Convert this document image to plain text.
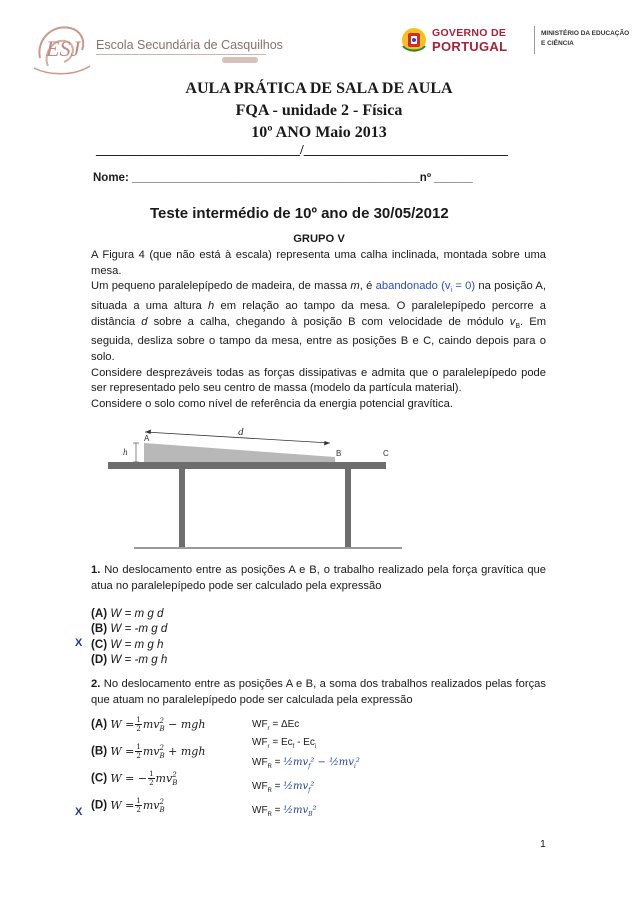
ESJ Escola Secundária de Casquilhos
GOVERNO DE
PORTUGAL
MINISTÉRIO DA EDUCAÇÃO
E CIÊNCIA
AULA PRÁTICA DE SALA DE AULA
FQA - unidade 2 - Física
10º ANO Maio 2013
______________________________/______________________________
Nome: _____________________________________________nº ______
Teste intermédio de 10º ano de 30/05/2012
GRUPO V
A Figura 4 (que não está à escala) representa uma calha inclinada, montada sobre uma mesa.
Um pequeno paralelepípedo de madeira, de massa m, é abandonado $(v_i = 0)$ na posição A, situada a uma altura h em relação ao tampo da mesa. O paralelepípedo percorre a distância d sobre a calha, chegando à posição B com velocidade de módulo $v_B$. Em seguida, desliza sobre o tampo da mesa, entre as posições B e C, caindo depois para o solo.
Considere desprezáveis todas as forças dissipativas e admita que o paralelepípedo pode ser representado pelo seu centro de massa (modelo da partícula material).
Considere o solo como nível de referência da energia potencial gravítica.
d
h
A
B	C
1. No deslocamento entre as posições A e B, o trabalho realizado pela força gravítica que atua no paralelepípedo pode ser calculado pela expressão
(A) W = m g d
(B) W = -m g d
(C) W = m g h
(D) W = -m g h
X
2. No deslocamento entre as posições A e B, a soma dos trabalhos realizados pelas forças que atuam no paralelepípedo pode ser calculada pela expressão
(A) $W = \frac{1}{2}$ mv 2
B − mgh
(B) $W = \frac{1}{2}$ mv 2
B + mgh
(C) W = − $\frac{1}{2}$ mv 2
B
(D) $W = \frac{1}{2}$ mv 2
B
X
$WF_r = \Delta Ec$
$WF_r = Ec_f - Ec_i$
$WF_R$ = $\frac{1}{2}mv_f^2$ − $\frac{1}{2}mv_i^2$
$WF_R$ = $\frac{1}{2}mv_f^2$
$WF_R$ = $\frac{1}{2}mv_B^2$
1
